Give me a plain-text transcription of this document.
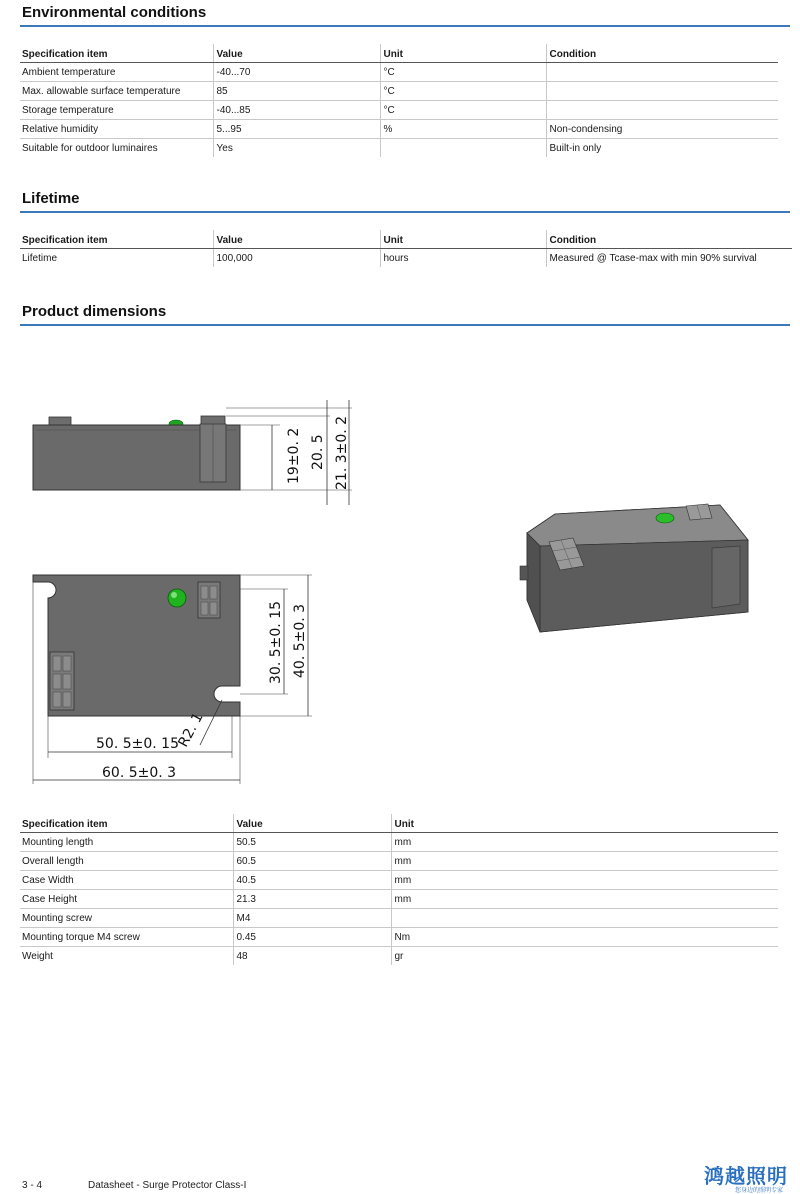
Environmental conditions
Specification item	Value	Unit	Condition
Ambient temperature	-40...70	°C	
Max. allowable surface temperature	85	°C	
Storage temperature	-40...85	°C	
Relative humidity	5...95	%	Non-condensing
Suitable for outdoor luminaires	Yes		Built-in only
Lifetime
Specification item	Value	Unit	Condition
Lifetime	100,000	hours	Measured @ Tcase-max with min 90% survival
Product dimensions
19±0. 2 20. 5 21. 3±0. 2
30. 5±0. 15 40. 5±0. 3
50. 5±0. 15
60. 5±0. 3
R2. 1
Specification item	Value	Unit
Mounting length	50.5	mm
Overall length	60.5	mm
Case Width	40.5	mm
Case Height	21.3	mm
Mounting screw	M4	
Mounting torque M4 screw	0.45	Nm
Weight	48	gr
3 - 4	Datasheet - Surge Protector Class-I	鸿越照明
您身边的照明专家
